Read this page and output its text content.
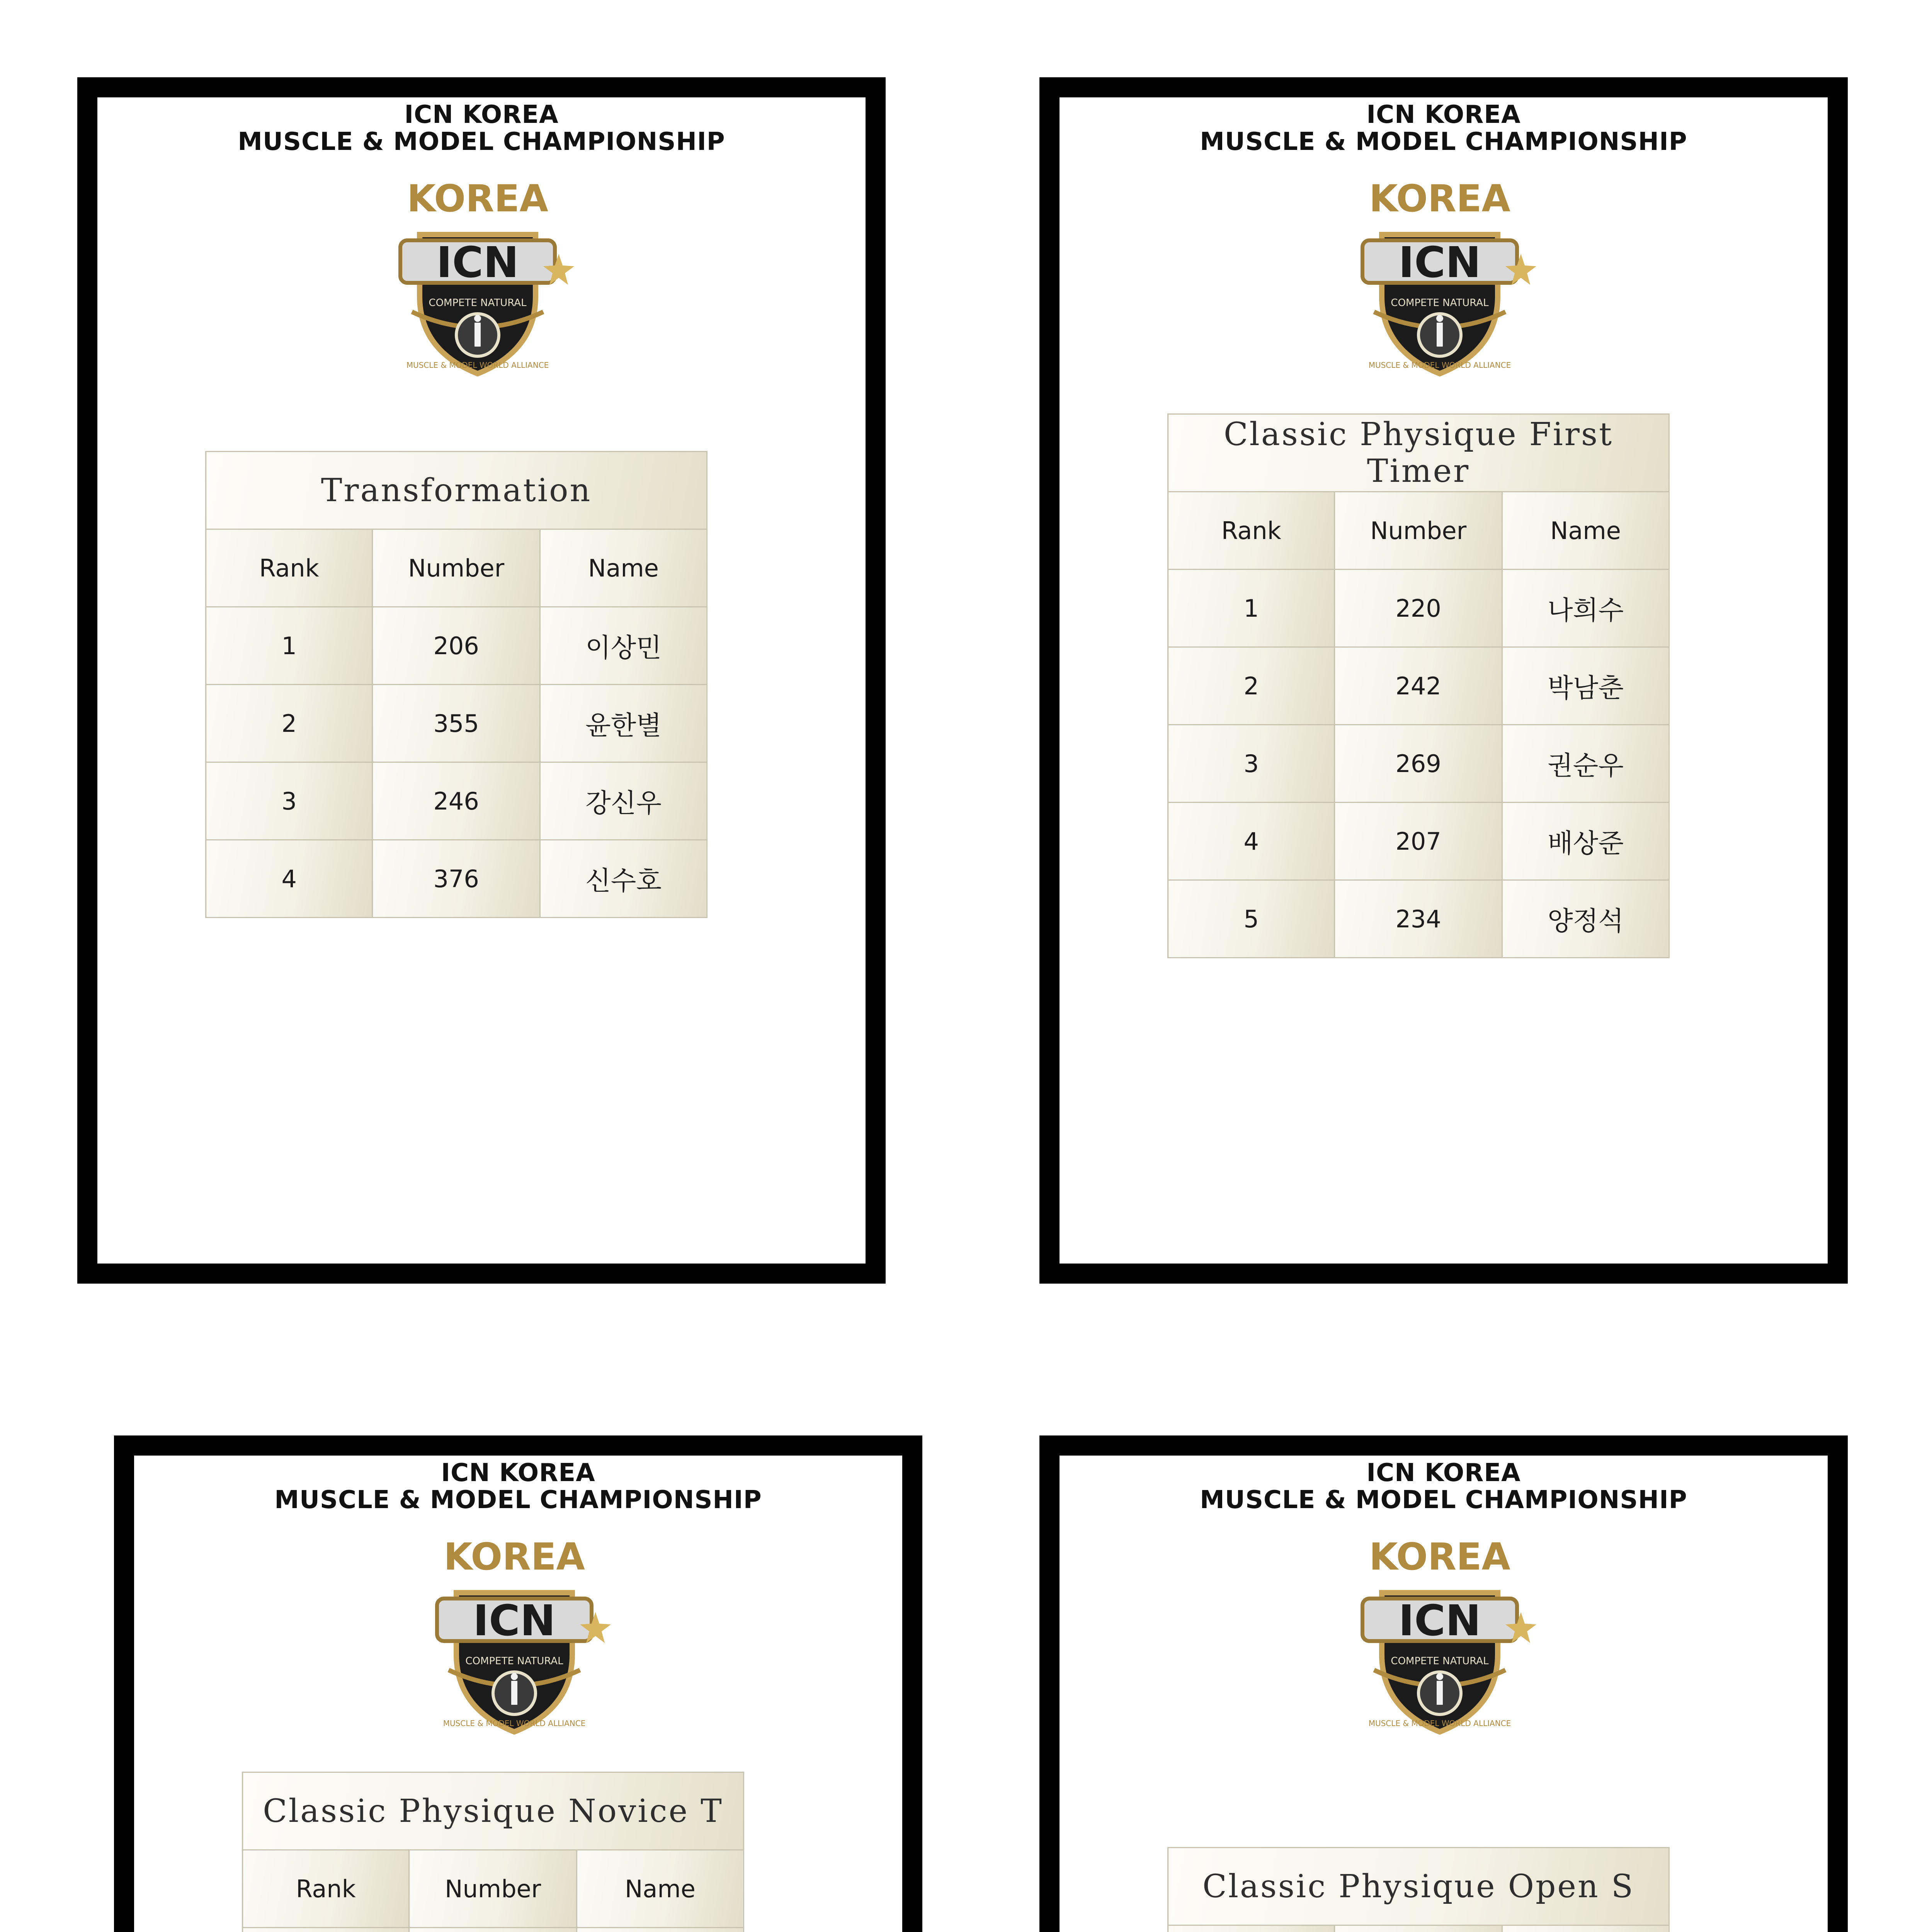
ICN KOREA
MUSCLE & MODEL CHAMPIONSHIP
KOREA
ICN
COMPETE NATURAL
MUSCLE & MODEL WORLD ALLIANCE
Transformation		
Rank	Number	Name
1	206	이상민
2	355	윤한별
3	246	강신우
4	376	신수호
ICN KOREA
MUSCLE & MODEL CHAMPIONSHIP
KOREA
ICN
COMPETE NATURAL
MUSCLE & MODEL WORLD ALLIANCE
Classic Physique First Timer		
Rank	Number	Name
1	220	나희수
2	242	박남춘
3	269	권순우
4	207	배상준
5	234	양정석

ICN KOREA
MUSCLE & MODEL CHAMPIONSHIP
KOREA
ICN
COMPETE NATURAL
MUSCLE & MODEL WORLD ALLIANCE
Classic Physique Novice T		
Rank	Number	Name

ICN KOREA
MUSCLE & MODEL CHAMPIONSHIP
KOREA
ICN
COMPETE NATURAL
MUSCLE & MODEL WORLD ALLIANCE
Classic Physique Open S		
